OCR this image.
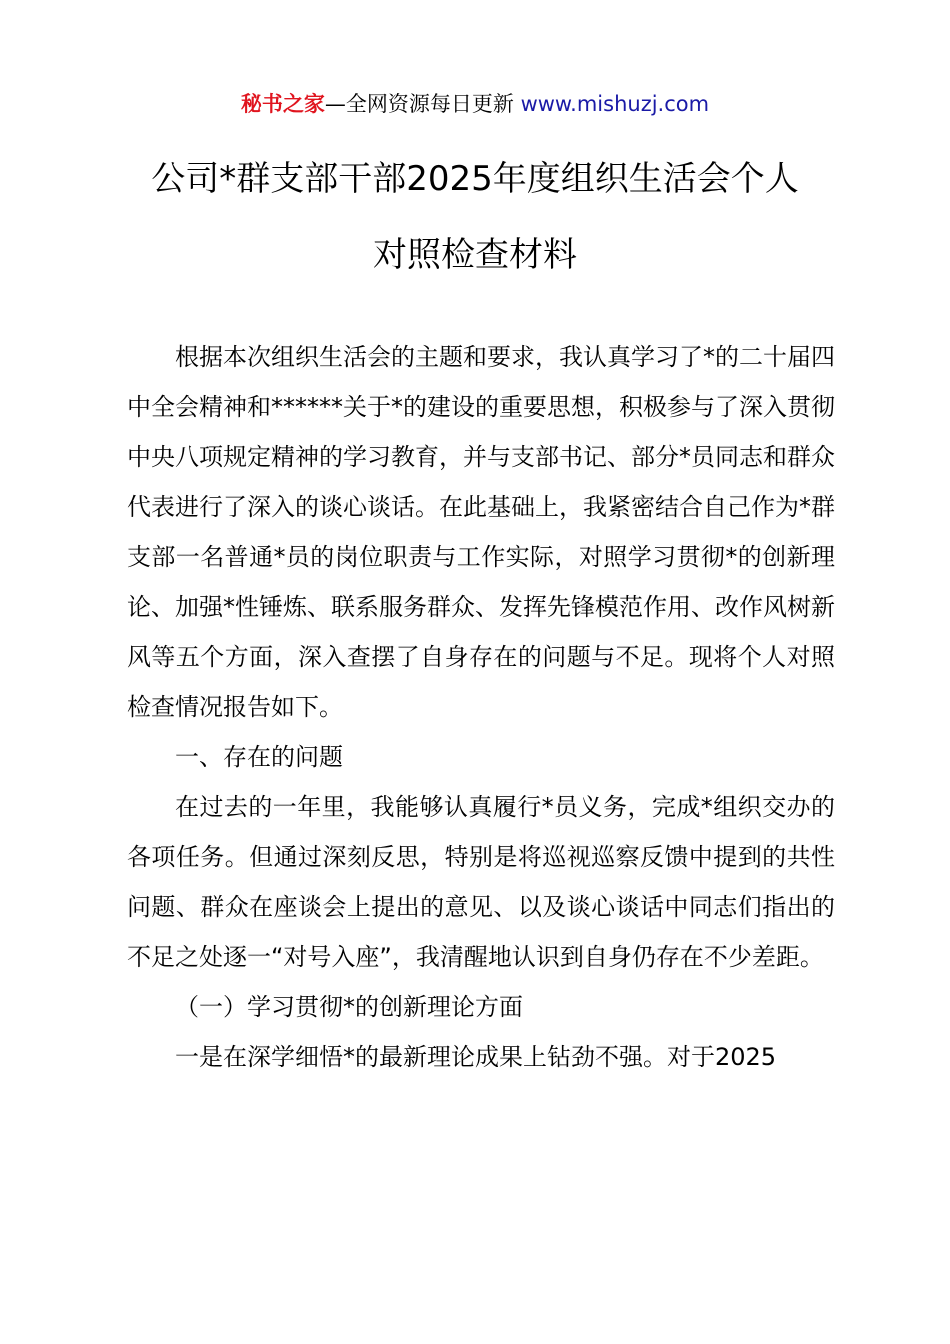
秘书之家—全网资源每日更新 www.mishuzj.com
公司*群支部干部2025年度组织生活会个人
对照检查材料

根据本次组织生活会的主题和要求，我认真学习了*的二十届四中全会精神和******关于*的建设的重要思想，积极参与了深入贯彻中央八项规定精神的学习教育，并与支部书记、部分*员同志和群众代表进行了深入的谈心谈话。在此基础上，我紧密结合自己作为*群支部一名普通*员的岗位职责与工作实际，对照学习贯彻*的创新理论、加强*性锤炼、联系服务群众、发挥先锋模范作用、改作风树新风等五个方面，深入查摆了自身存在的问题与不足。现将个人对照检查情况报告如下。

一、存在的问题

在过去的一年里，我能够认真履行*员义务，完成*组织交办的各项任务。但通过深刻反思，特别是将巡视巡察反馈中提到的共性问题、群众在座谈会上提出的意见、以及谈心谈话中同志们指出的不足之处逐一“对号入座”，我清醒地认识到自身仍存在不少差距。

（一）学习贯彻*的创新理论方面

一是在深学细悟*的最新理论成果上钻劲不强。对于2025
